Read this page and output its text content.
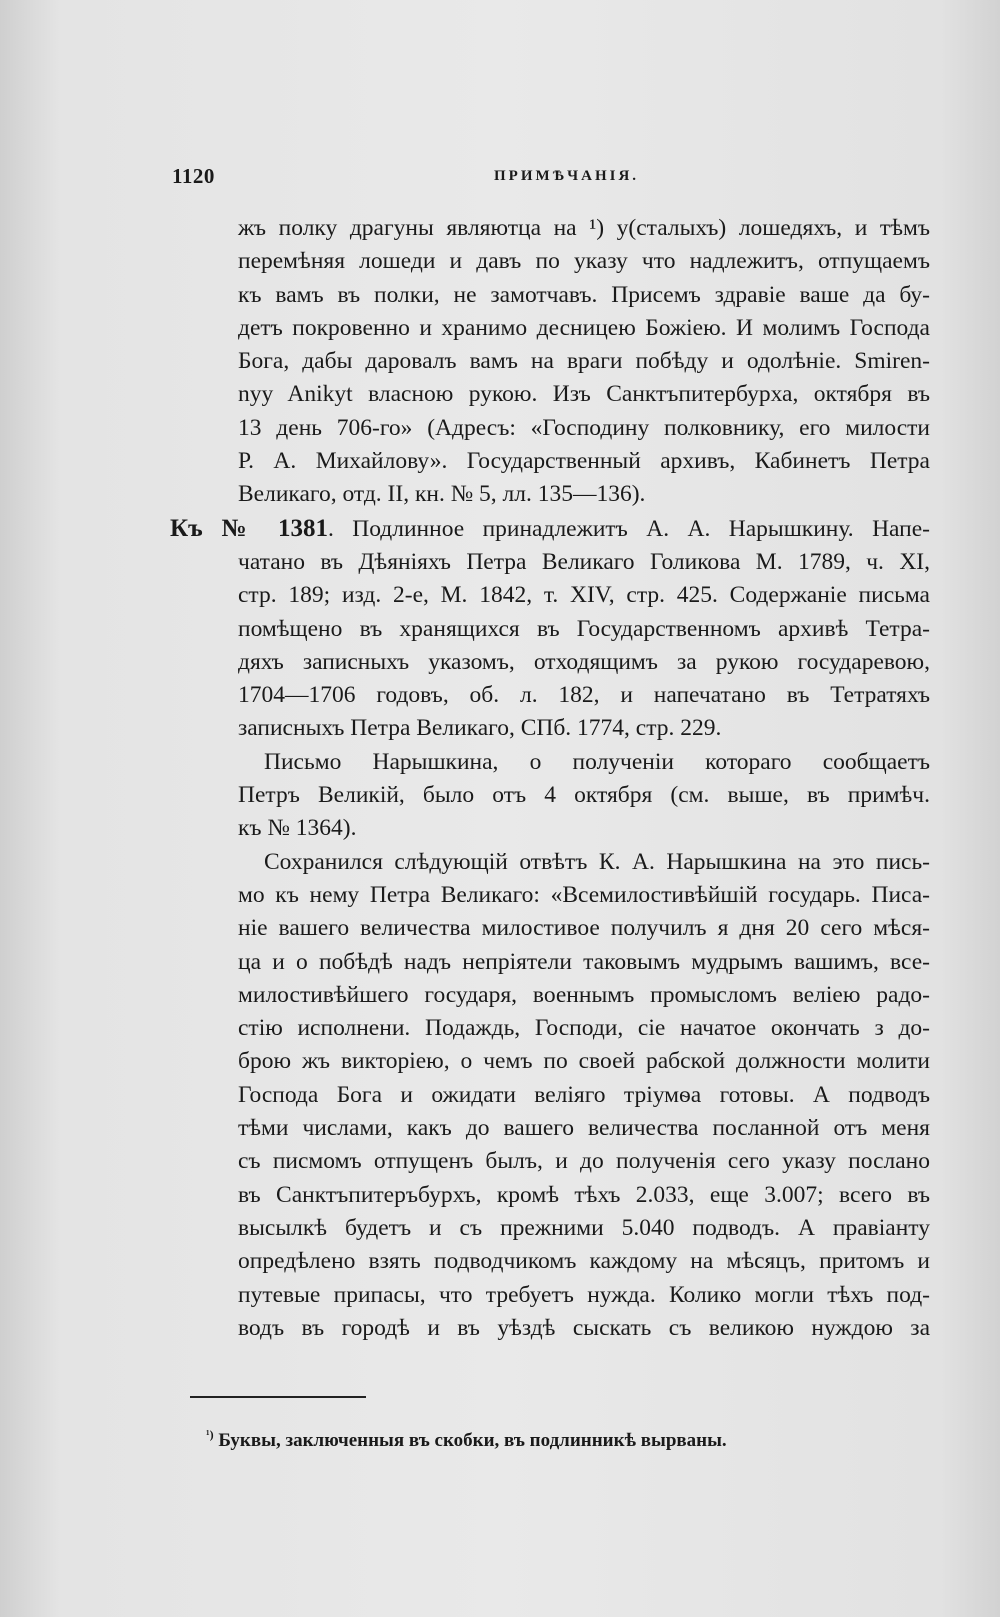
1120	ПРИМѢЧАНІЯ.
жъ полку драгуны являютца на ¹) у(сталыхъ) лошедяхъ, и тѣмъ
перемѣняя лошеди и давъ по указу что надлежитъ, отпущаемъ
къ вамъ въ полки, не замотчавъ. Присемъ здравіе ваше да бу-
детъ покровенно и хранимо десницею Божіею. И молимъ Господа
Бога, дабы даровалъ вамъ на враги побѣду и одолѣніе. Smiren-
nyy Anikyt власною рукою. Изъ Санктъпитербурха, октября въ
13 день 706-го» (Адресъ: «Господину полковнику, его милости
Р. А. Михайлову». Государственный архивъ, Кабинетъ Петра
Великаго, отд. II, кн. № 5, лл. 135—136).
Къ № 1381. Подлинное принадлежитъ А. А. Нарышкину. Напе-
чатано въ Дѣяніяхъ Петра Великаго Голикова М. 1789, ч. XI,
стр. 189; изд. 2-е, М. 1842, т. XIV, стр. 425. Содержаніе письма
помѣщено въ хранящихся въ Государственномъ архивѣ Тетра-
дяхъ записныхъ указомъ, отходящимъ за рукою государевою,
1704—1706 годовъ, об. л. 182, и напечатано въ Тетратяхъ
записныхъ Петра Великаго, СПб. 1774, стр. 229.
Письмо Нарышкина, о полученіи котораго сообщаетъ
Петръ Великій, было отъ 4 октября (см. выше, въ примѣч.
къ № 1364).
Сохранился слѣдующій отвѣтъ К. А. Нарышкина на это пись-
мо къ нему Петра Великаго: «Всемилостивѣйшій государь. Писа-
ніе вашего величества милостивое получилъ я дня 20 сего мѣся-
ца и о побѣдѣ надъ непріятели таковымъ мудрымъ вашимъ, все-
милостивѣйшего государя, военнымъ промысломъ веліею радо-
стію исполнени. Подаждь, Господи, сіе начатое окончать з до-
брою жъ викторіею, о чемъ по своей рабской должности молити
Господа Бога и ожидати веліяго тріумѳа готовы. А подводъ
тѣми числами, какъ до вашего величества посланной отъ меня
съ писмомъ отпущенъ былъ, и до полученія сего указу послано
въ Санктъпитеръбурхъ, кромѣ тѣхъ 2.033, еще 3.007; всего въ
высылкѣ будетъ и съ прежними 5.040 подводъ. А правіанту
опредѣлено взять подводчикомъ каждому на мѣсяцъ, притомъ и
путевые припасы, что требуетъ нужда. Колико могли тѣхъ под-
водъ въ городѣ и въ уѣздѣ сыскать съ великою нуждою за
$^{^1)}$ Буквы, заключенныя въ скобки, въ подлинникѣ вырваны.
